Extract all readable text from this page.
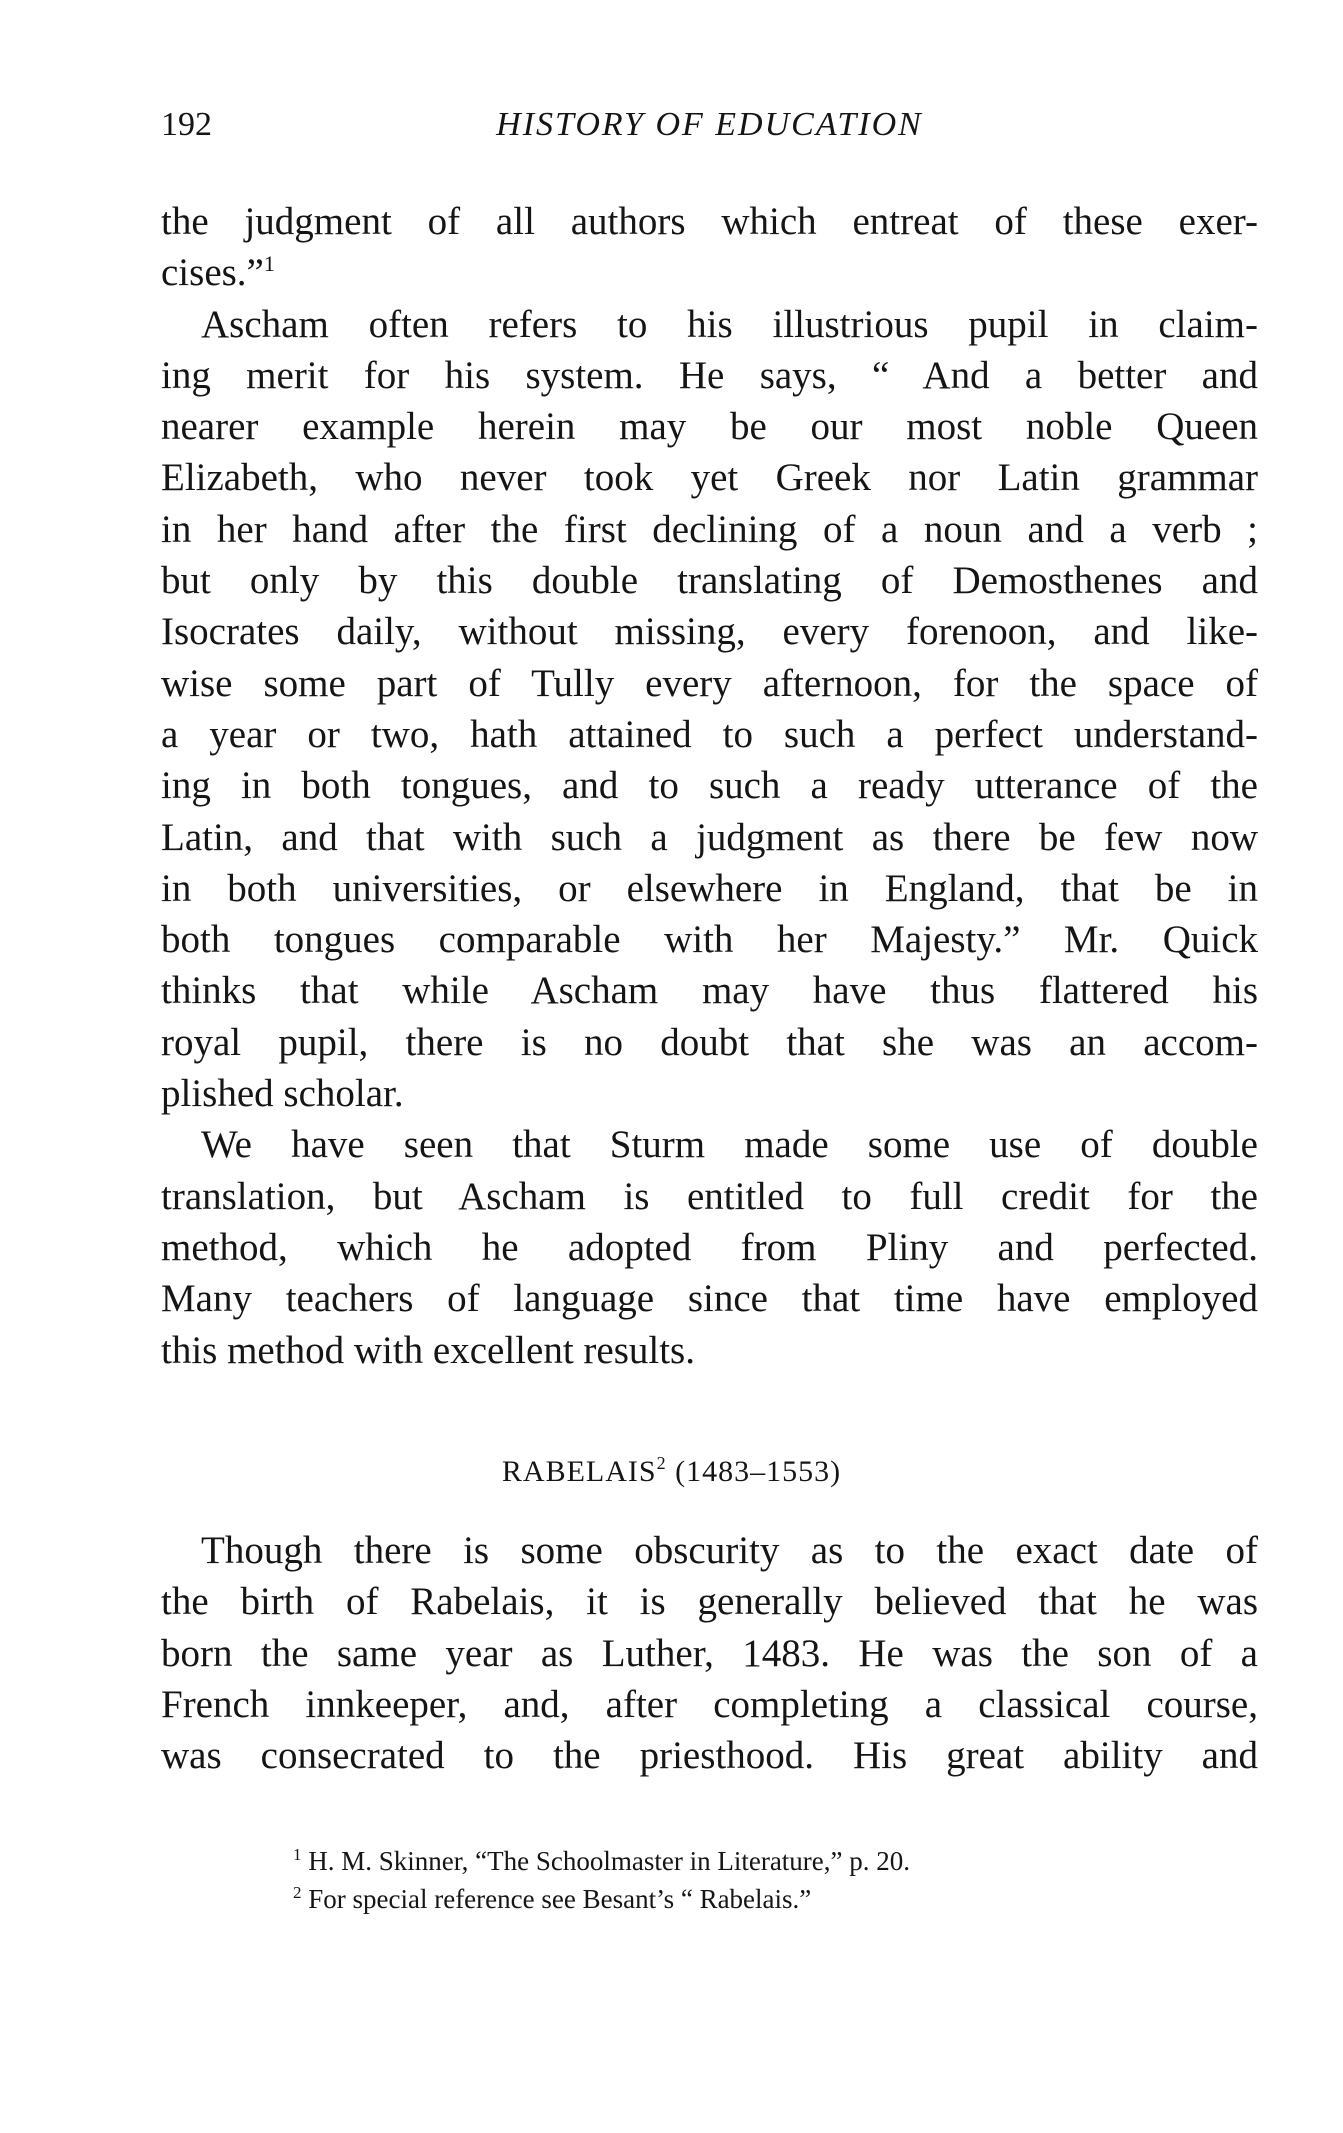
192	HISTORY OF EDUCATION
the judgment of all authors which entreat of these exer-
cises.”$^1$
Ascham often refers to his illustrious pupil in claim-
ing merit for his system. He says, “ And a better and
nearer example herein may be our most noble Queen
Elizabeth, who never took yet Greek nor Latin grammar
in her hand after the first declining of a noun and a verb ;
but only by this double translating of Demosthenes and
Isocrates daily, without missing, every forenoon, and like-
wise some part of Tully every afternoon, for the space of
a year or two, hath attained to such a perfect understand-
ing in both tongues, and to such a ready utterance of the
Latin, and that with such a judgment as there be few now
in both universities, or elsewhere in England, that be in
both tongues comparable with her Majesty.” Mr. Quick
thinks that while Ascham may have thus flattered his
royal pupil, there is no doubt that she was an accom-
plished scholar.
We have seen that Sturm made some use of double
translation, but Ascham is entitled to full credit for the
method, which he adopted from Pliny and perfected.
Many teachers of language since that time have employed
this method with excellent results.
RABELAIS$^2$ (1483–1553)
Though there is some obscurity as to the exact date of
the birth of Rabelais, it is generally believed that he was
born the same year as Luther, 1483. He was the son of a
French innkeeper, and, after completing a classical course,
was consecrated to the priesthood. His great ability and
$^1$ H. M. Skinner, “The Schoolmaster in Literature,” p. 20.
$^2$ For special reference see Besant’s “ Rabelais.”
